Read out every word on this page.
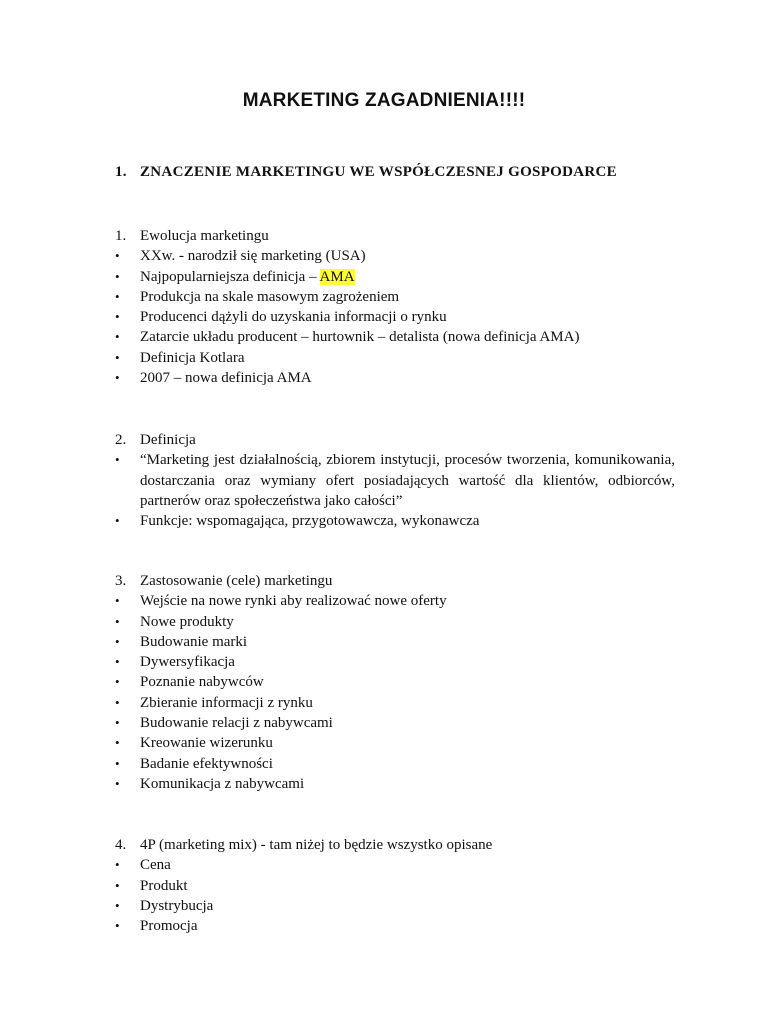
MARKETING ZAGADNIENIA!!!!
1. ZNACZENIE MARKETINGU WE WSPÓŁCZESNEJ GOSPODARCE
1. Ewolucja marketingu
•	XXw. - narodził się marketing (USA)
•	Najpopularniejsza definicja – AMA
•	Produkcja na skale masowym zagrożeniem
•	Producenci dążyli do uzyskania informacji o rynku
•	Zatarcie układu producent – hurtownik – detalista (nowa definicja AMA)
•	Definicja Kotlara
•	2007 – nowa definicja AMA
2. Definicja
•	“Marketing jest działalnością, zbiorem instytucji, procesów tworzenia, komunikowania, dostarczania oraz wymiany ofert posiadających wartość dla klientów, odbiorców, partnerów oraz społeczeństwa jako całości”
•	Funkcje: wspomagająca, przygotowawcza, wykonawcza
3. Zastosowanie (cele) marketingu
•	Wejście na nowe rynki aby realizować nowe oferty
•	Nowe produkty
•	Budowanie marki
•	Dywersyfikacja
•	Poznanie nabywców
•	Zbieranie informacji z rynku
•	Budowanie relacji z nabywcami
•	Kreowanie wizerunku
•	Badanie efektywności
•	Komunikacja z nabywcami
4. 4P (marketing mix) - tam niżej to będzie wszystko opisane
•	Cena
•	Produkt
•	Dystrybucja
•	Promocja
